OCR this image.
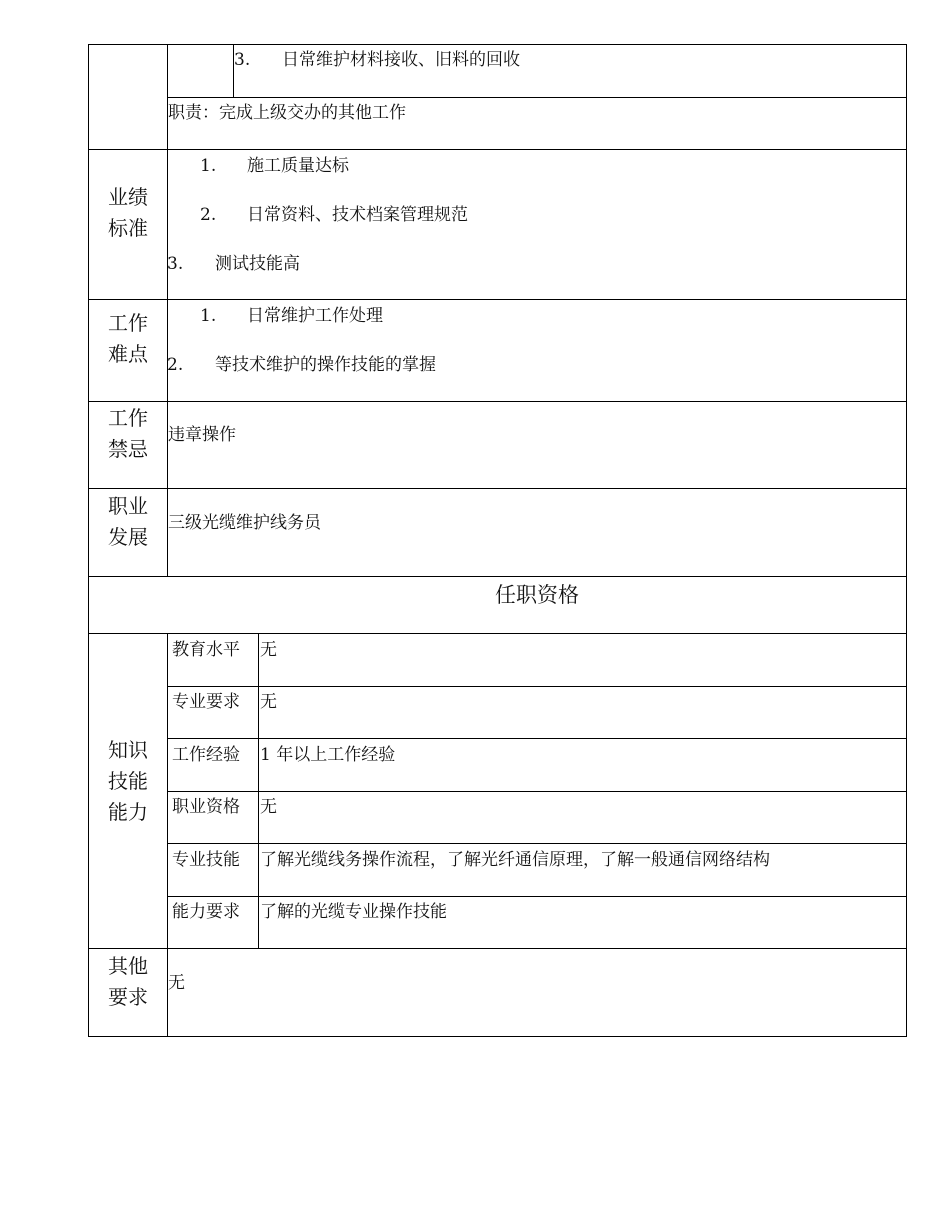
3. 日常维护材料接收、旧料的回收
职责：完成上级交办的其他工作
业绩
标准
1. 施工质量达标
2. 日常资料、技术档案管理规范
3. 测试技能高
工作
难点
1. 日常维护工作处理
2. 等技术维护的操作技能的掌握
工作
禁忌
违章操作
职业
发展
三级光缆维护线务员
任职资格
知识
技能
能力
教育水平 无
专业要求 无
工作经验 1 年以上工作经验
职业资格 无
专业技能 了解光缆线务操作流程，了解光纤通信原理，了解一般通信网络结构
能力要求 了解的光缆专业操作技能
其他
要求
无
